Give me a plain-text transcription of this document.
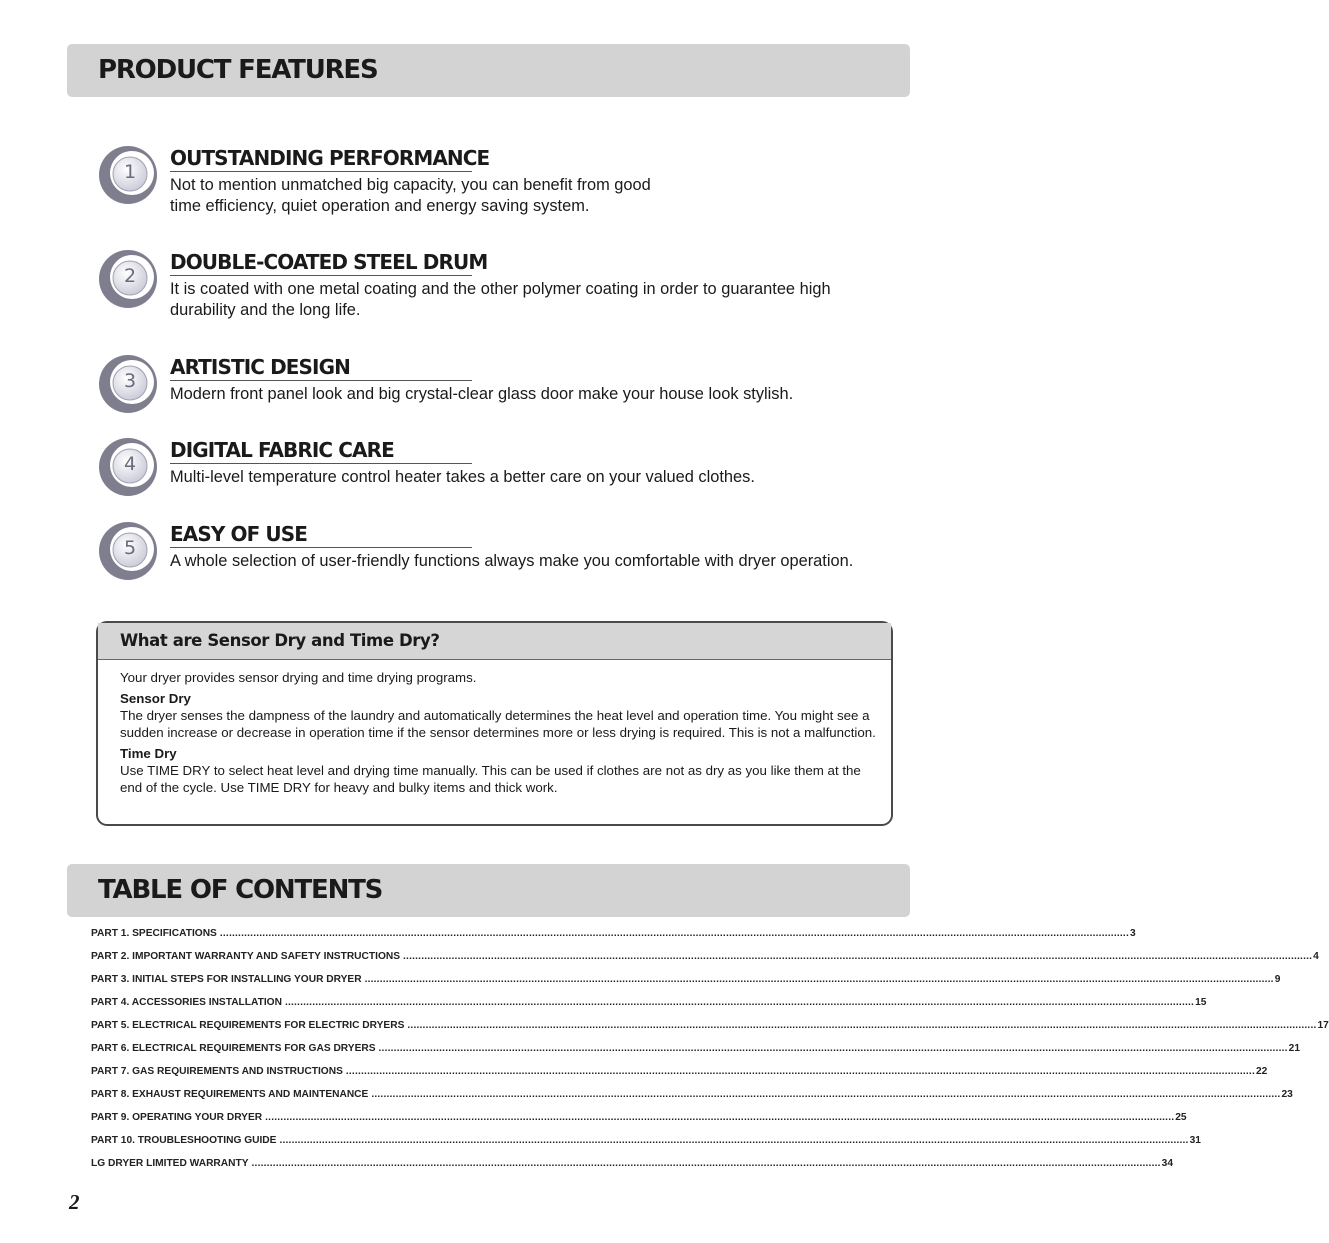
PRODUCT FEATURES
1
OUTSTANDING PERFORMANCE
Not to mention unmatched big capacity, you can benefit from good
time efficiency, quiet operation and energy saving system.
2
DOUBLE-COATED STEEL DRUM
It is coated with one metal coating and the other polymer coating in order to guarantee high
durability and the long life.
3
ARTISTIC DESIGN
Modern front panel look and big crystal-clear glass door make your house look stylish.
4
DIGITAL FABRIC CARE
Multi-level temperature control heater takes a better care on your valued clothes.
5
EASY OF USE
A whole selection of user-friendly functions always make you comfortable with dryer operation.
What are Sensor Dry and Time Dry?

Your dryer provides sensor drying and time drying programs.

Sensor Dry

The dryer senses the dampness of the laundry and automatically determines the heat level and operation time. You might see a sudden increase or decrease in operation time if the sensor determines more or less drying is required. This is not a malfunction.

Time Dry

Use TIME DRY to select heat level and drying time manually. This can be used if clothes are not as dry as you like them at the end of the cycle. Use TIME DRY for heavy and bulky items and thick work.

TABLE OF CONTENTS
PART 1. SPECIFICATIONS ............................................................................................................................................................................................................................................................................................................ 3
PART 2. IMPORTANT WARRANTY AND SAFETY INSTRUCTIONS ............................................................................................................................................................................................................................................................................................................ 4
PART 3. INITIAL STEPS FOR INSTALLING YOUR DRYER ............................................................................................................................................................................................................................................................................................................ 9
PART 4. ACCESSORIES INSTALLATION ............................................................................................................................................................................................................................................................................................................ 15
PART 5. ELECTRICAL REQUIREMENTS FOR ELECTRIC DRYERS ............................................................................................................................................................................................................................................................................................................ 17
PART 6. ELECTRICAL REQUIREMENTS FOR GAS DRYERS ............................................................................................................................................................................................................................................................................................................ 21
PART 7. GAS REQUIREMENTS AND INSTRUCTIONS ............................................................................................................................................................................................................................................................................................................ 22
PART 8. EXHAUST REQUIREMENTS AND MAINTENANCE ............................................................................................................................................................................................................................................................................................................ 23
PART 9. OPERATING YOUR DRYER ............................................................................................................................................................................................................................................................................................................ 25
PART 10. TROUBLESHOOTING GUIDE ............................................................................................................................................................................................................................................................................................................ 31
LG DRYER LIMITED WARRANTY ............................................................................................................................................................................................................................................................................................................ 34
2
